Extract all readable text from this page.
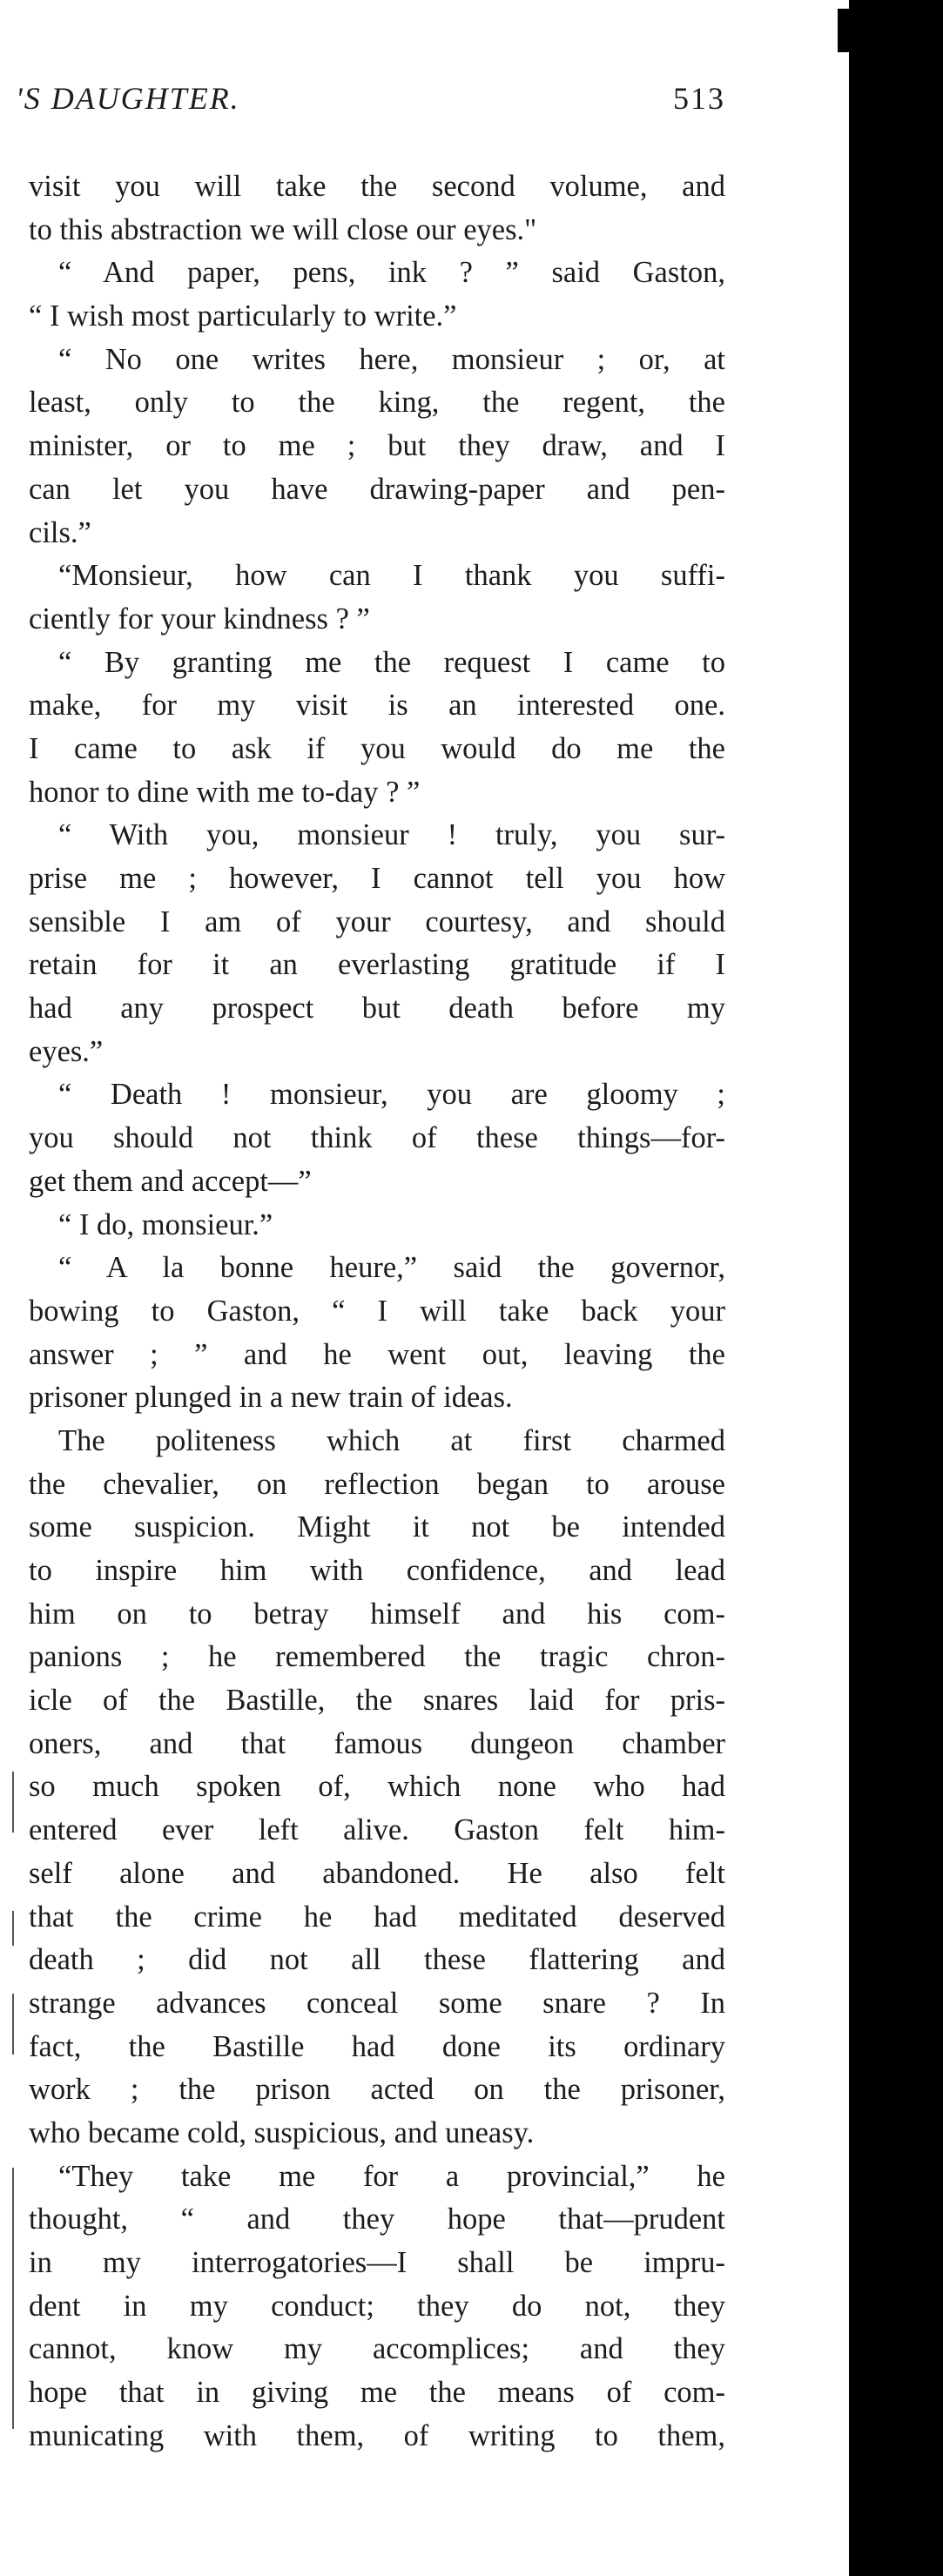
'S DAUGHTER.	513
visit you will take the second volume, and
to this abstraction we will close our eyes."
“ And paper, pens, ink ? ” said Gaston,
“ I wish most particularly to write.”
“ No one writes here, monsieur ; or, at
least, only to the king, the regent, the
minister, or to me ; but they draw, and I
can let you have drawing-paper and pen-
cils.”
“Monsieur, how can I thank you suffi-
ciently for your kindness ? ”
“ By granting me the request I came to
make, for my visit is an interested one.
I came to ask if you would do me the
honor to dine with me to-day ? ”
“ With you, monsieur ! truly, you sur-
prise me ; however, I cannot tell you how
sensible I am of your courtesy, and should
retain for it an everlasting gratitude if I
had any prospect but death before my
eyes.”
“ Death ! monsieur, you are gloomy ;
you should not think of these things—for-
get them and accept—”
“ I do, monsieur.”
“ A la bonne heure,” said the governor,
bowing to Gaston, “ I will take back your
answer ; ” and he went out, leaving the
prisoner plunged in a new train of ideas.
The politeness which at first charmed
the chevalier, on reflection began to arouse
some suspicion. Might it not be intended
to inspire him with confidence, and lead
him on to betray himself and his com-
panions ; he remembered the tragic chron-
icle of the Bastille, the snares laid for pris-
oners, and that famous dungeon chamber
so much spoken of, which none who had
entered ever left alive. Gaston felt him-
self alone and abandoned. He also felt
that the crime he had meditated deserved
death ; did not all these flattering and
strange advances conceal some snare ? In
fact, the Bastille had done its ordinary
work ; the prison acted on the prisoner,
who became cold, suspicious, and uneasy.
“They take me for a provincial,” he
thought, “ and they hope that—prudent
in my interrogatories—I shall be impru-
dent in my conduct; they do not, they
cannot, know my accomplices; and they
hope that in giving me the means of com-
municating with them, of writing to them,
